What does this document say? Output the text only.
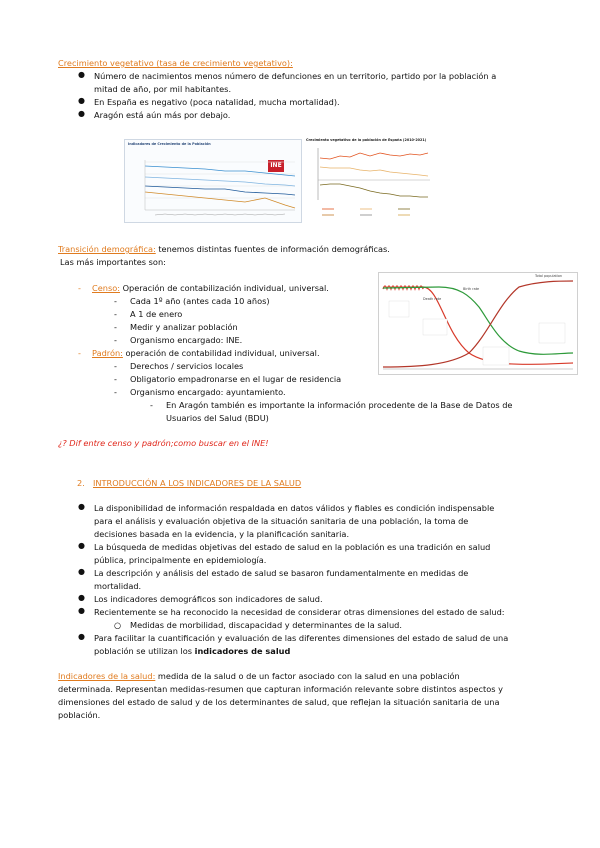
Crecimiento vegetativo (tasa de crecimiento vegetativo):
● Número de nacimientos menos número de defunciones en un territorio, partido por la población a
mitad de año, por mil habitantes.
● En España es negativo (poca natalidad, mucha mortalidad).
● Aragón está aún más por debajo.
Indicadores de Crecimiento de la Población
INE
Crecimiento vegetativo de la población de España (2010-2021)
Transición demográfica: tenemos distintas fuentes de información demográficas.
Las más importantes son:
- Censo: Operación de contabilización individual, universal.
- Cada 1º año (antes cada 10 años)
- A 1 de enero
- Medir y analizar población
- Organismo encargado: INE.
- Padrón: operación de contabilidad individual, universal.
- Derechos / servicios locales
- Obligatorio empadronarse en el lugar de residencia
- Organismo encargado: ayuntamiento.
- En Aragón también es importante la información procedente de la Base de Datos de
Usuarios del Salud (BDU)
¿? Dif entre censo y padrón;como buscar en el INE!
Birth rate
Death rate
Total population
2. INTRODUCCIÓN A LOS INDICADORES DE LA SALUD
● La disponibilidad de información respaldada en datos válidos y fiables es condición indispensable
para el análisis y evaluación objetiva de la situación sanitaria de una población, la toma de
decisiones basada en la evidencia, y la planificación sanitaria.
● La búsqueda de medidas objetivas del estado de salud en la población es una tradición en salud
pública, principalmente en epidemiología.
● La descripción y análisis del estado de salud se basaron fundamentalmente en medidas de
mortalidad.
● Los indicadores demográficos son indicadores de salud.
● Recientemente se ha reconocido la necesidad de considerar otras dimensiones del estado de salud:
○ Medidas de morbilidad, discapacidad y determinantes de la salud.
● Para facilitar la cuantificación y evaluación de las diferentes dimensiones del estado de salud de una
población se utilizan los indicadores de salud
Indicadores de la salud: medida de la salud o de un factor asociado con la salud en una población
determinada. Representan medidas-resumen que capturan información relevante sobre distintos aspectos y
dimensiones del estado de salud y de los determinantes de salud, que reflejan la situación sanitaria de una
población.
